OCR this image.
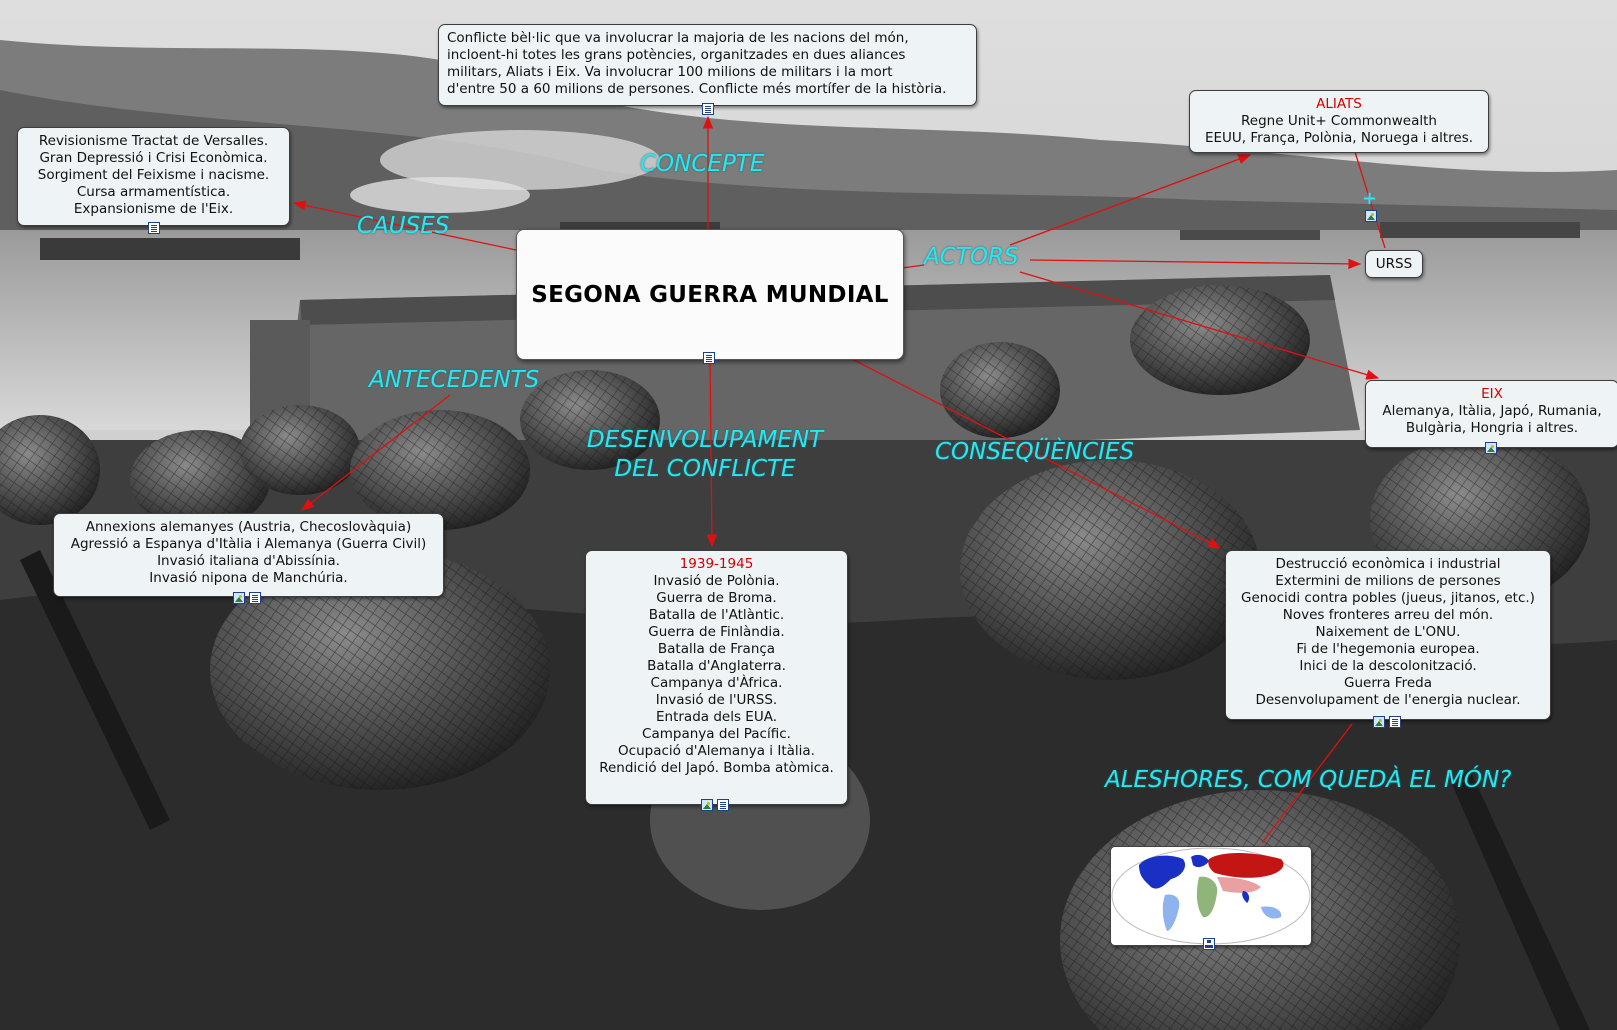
SEGONA GUERRA MUNDIAL
CONCEPTE
CAUSES
ACTORS
ANTECEDENTS
DESENVOLUPAMENT
DEL CONFLICTE
CONSEQÜÈNCIES
ALESHORES, COM QUEDÀ EL MÓN?
Conflicte bèl·lic que va involucrar la majoria de les nacions del món,
incloent-hi totes les grans potències, organitzades en dues aliances
militars, Aliats i Eix. Va involucrar 100 milions de militars i la mort
d'entre 50 a 60 milions de persones. Conflicte més mortífer de la història.
Revisionisme Tractat de Versalles.
Gran Depressió i Crisi Econòmica.
Sorgiment del Feixisme i nacisme.
Cursa armamentística.
Expansionisme de l'Eix.
ALIATS
Regne Unit+ Commonwealth
EEUU, França, Polònia, Noruega i altres.
+
URSS
EIX
Alemanya, Itàlia, Japó, Rumania,
Bulgària, Hongria i altres.
Annexions alemanyes (Austria, Checoslovàquia)
Agressió a Espanya d'Itàlia i Alemanya (Guerra Civil)
Invasió italiana d'Abissínia.
Invasió nipona de Manchúria.
1939-1945
Invasió de Polònia.
Guerra de Broma.
Batalla de l'Atlàntic.
Guerra de Finlàndia.
Batalla de França
Batalla d'Anglaterra.
Campanya d'Àfrica.
Invasió de l'URSS.
Entrada dels EUA.
Campanya del Pacífic.
Ocupació d'Alemanya i Itàlia.
Rendició del Japó. Bomba atòmica.
Destrucció econòmica i industrial
Extermini de milions de persones
Genocidi contra pobles (jueus, jitanos, etc.)
Noves fronteres arreu del món.
Naixement de L'ONU.
Fi de l'hegemonia europea.
Inici de la descolonització.
Guerra Freda
Desenvolupament de l'energia nuclear.
